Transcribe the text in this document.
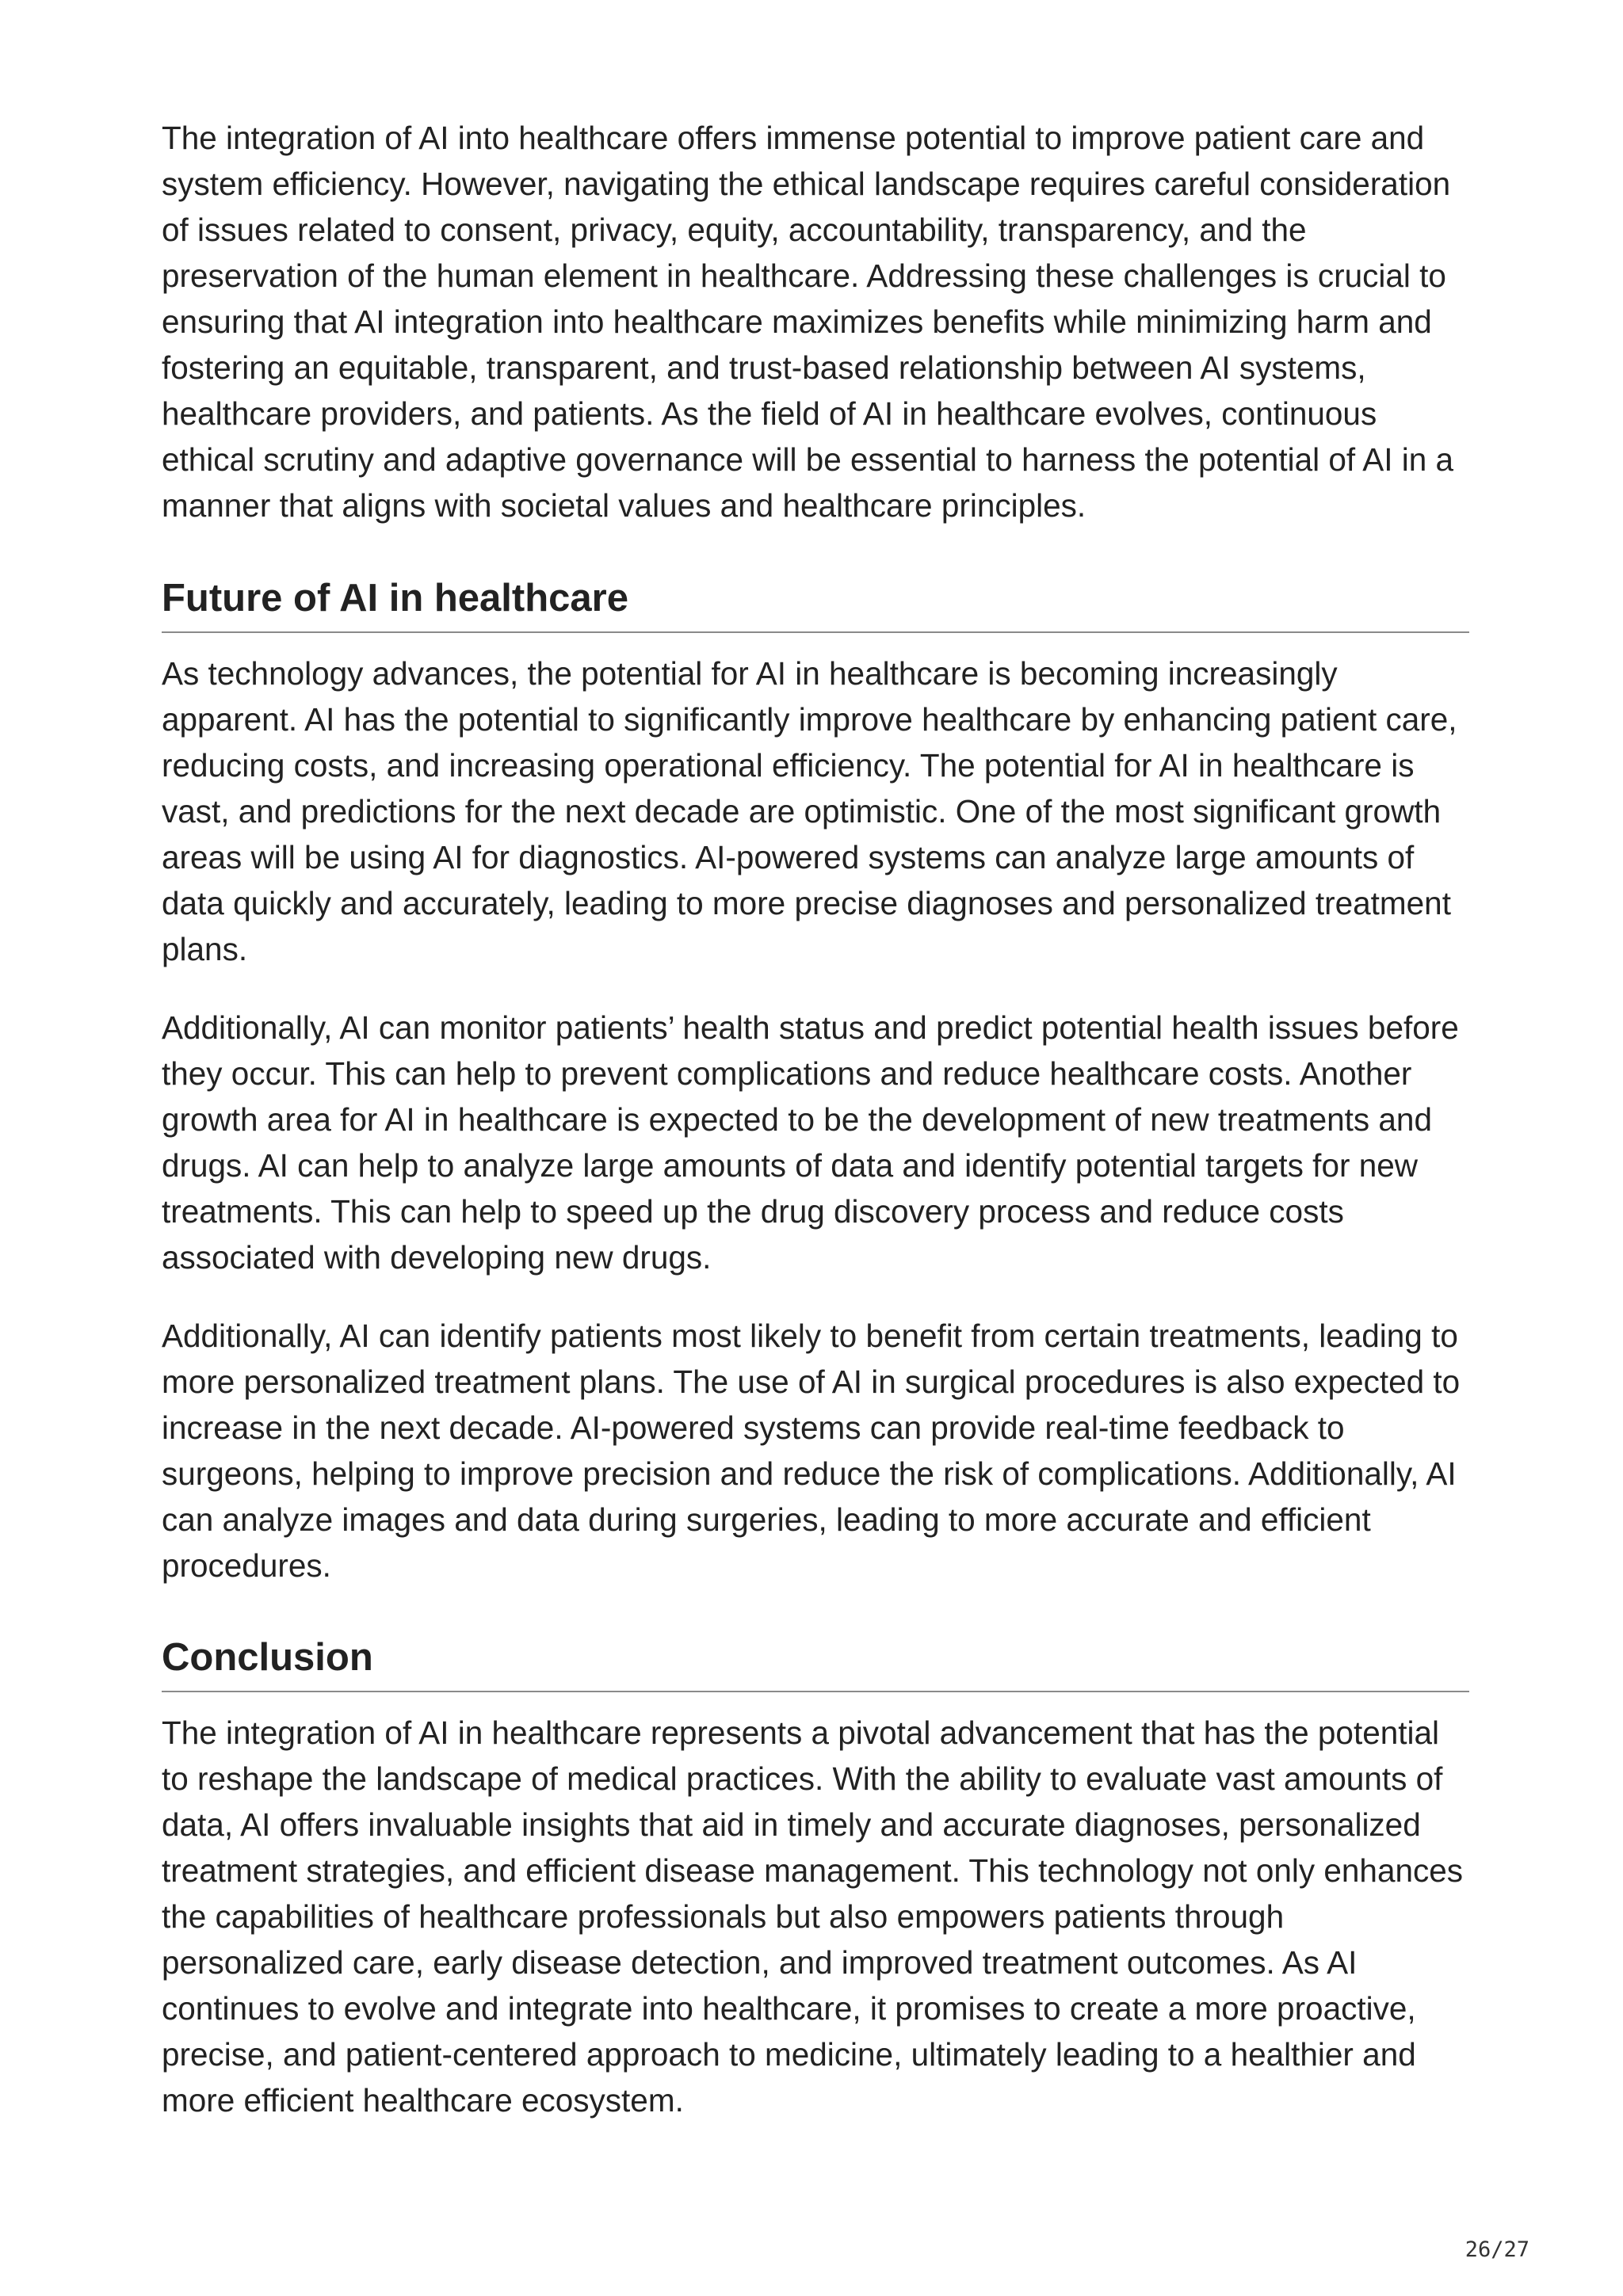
The integration of AI into healthcare offers immense potential to improve patient care and system efficiency. However, navigating the ethical landscape requires careful consideration of issues related to consent, privacy, equity, accountability, transparency, and the preservation of the human element in healthcare. Addressing these challenges is crucial to ensuring that AI integration into healthcare maximizes benefits while minimizing harm and fostering an equitable, transparent, and trust-based relationship between AI systems, healthcare providers, and patients. As the field of AI in healthcare evolves, continuous ethical scrutiny and adaptive governance will be essential to harness the potential of AI in a manner that aligns with societal values and healthcare principles.

Future of AI in healthcare

As technology advances, the potential for AI in healthcare is becoming increasingly apparent. AI has the potential to significantly improve healthcare by enhancing patient care, reducing costs, and increasing operational efficiency. The potential for AI in healthcare is vast, and predictions for the next decade are optimistic. One of the most significant growth areas will be using AI for diagnostics. AI-powered systems can analyze large amounts of data quickly and accurately, leading to more precise diagnoses and personalized treatment plans.

Additionally, AI can monitor patients’ health status and predict potential health issues before they occur. This can help to prevent complications and reduce healthcare costs. Another growth area for AI in healthcare is expected to be the development of new treatments and drugs. AI can help to analyze large amounts of data and identify potential targets for new treatments. This can help to speed up the drug discovery process and reduce costs associated with developing new drugs.

Additionally, AI can identify patients most likely to benefit from certain treatments, leading to more personalized treatment plans. The use of AI in surgical procedures is also expected to increase in the next decade. AI-powered systems can provide real-time feedback to surgeons, helping to improve precision and reduce the risk of complications. Additionally, AI can analyze images and data during surgeries, leading to more accurate and efficient procedures.

Conclusion

The integration of AI in healthcare represents a pivotal advancement that has the potential to reshape the landscape of medical practices. With the ability to evaluate vast amounts of data, AI offers invaluable insights that aid in timely and accurate diagnoses, personalized treatment strategies, and efficient disease management. This technology not only enhances the capabilities of healthcare professionals but also empowers patients through personalized care, early disease detection, and improved treatment outcomes. As AI continues to evolve and integrate into healthcare, it promises to create a more proactive, precise, and patient-centered approach to medicine, ultimately leading to a healthier and more efficient healthcare ecosystem.

26/27
